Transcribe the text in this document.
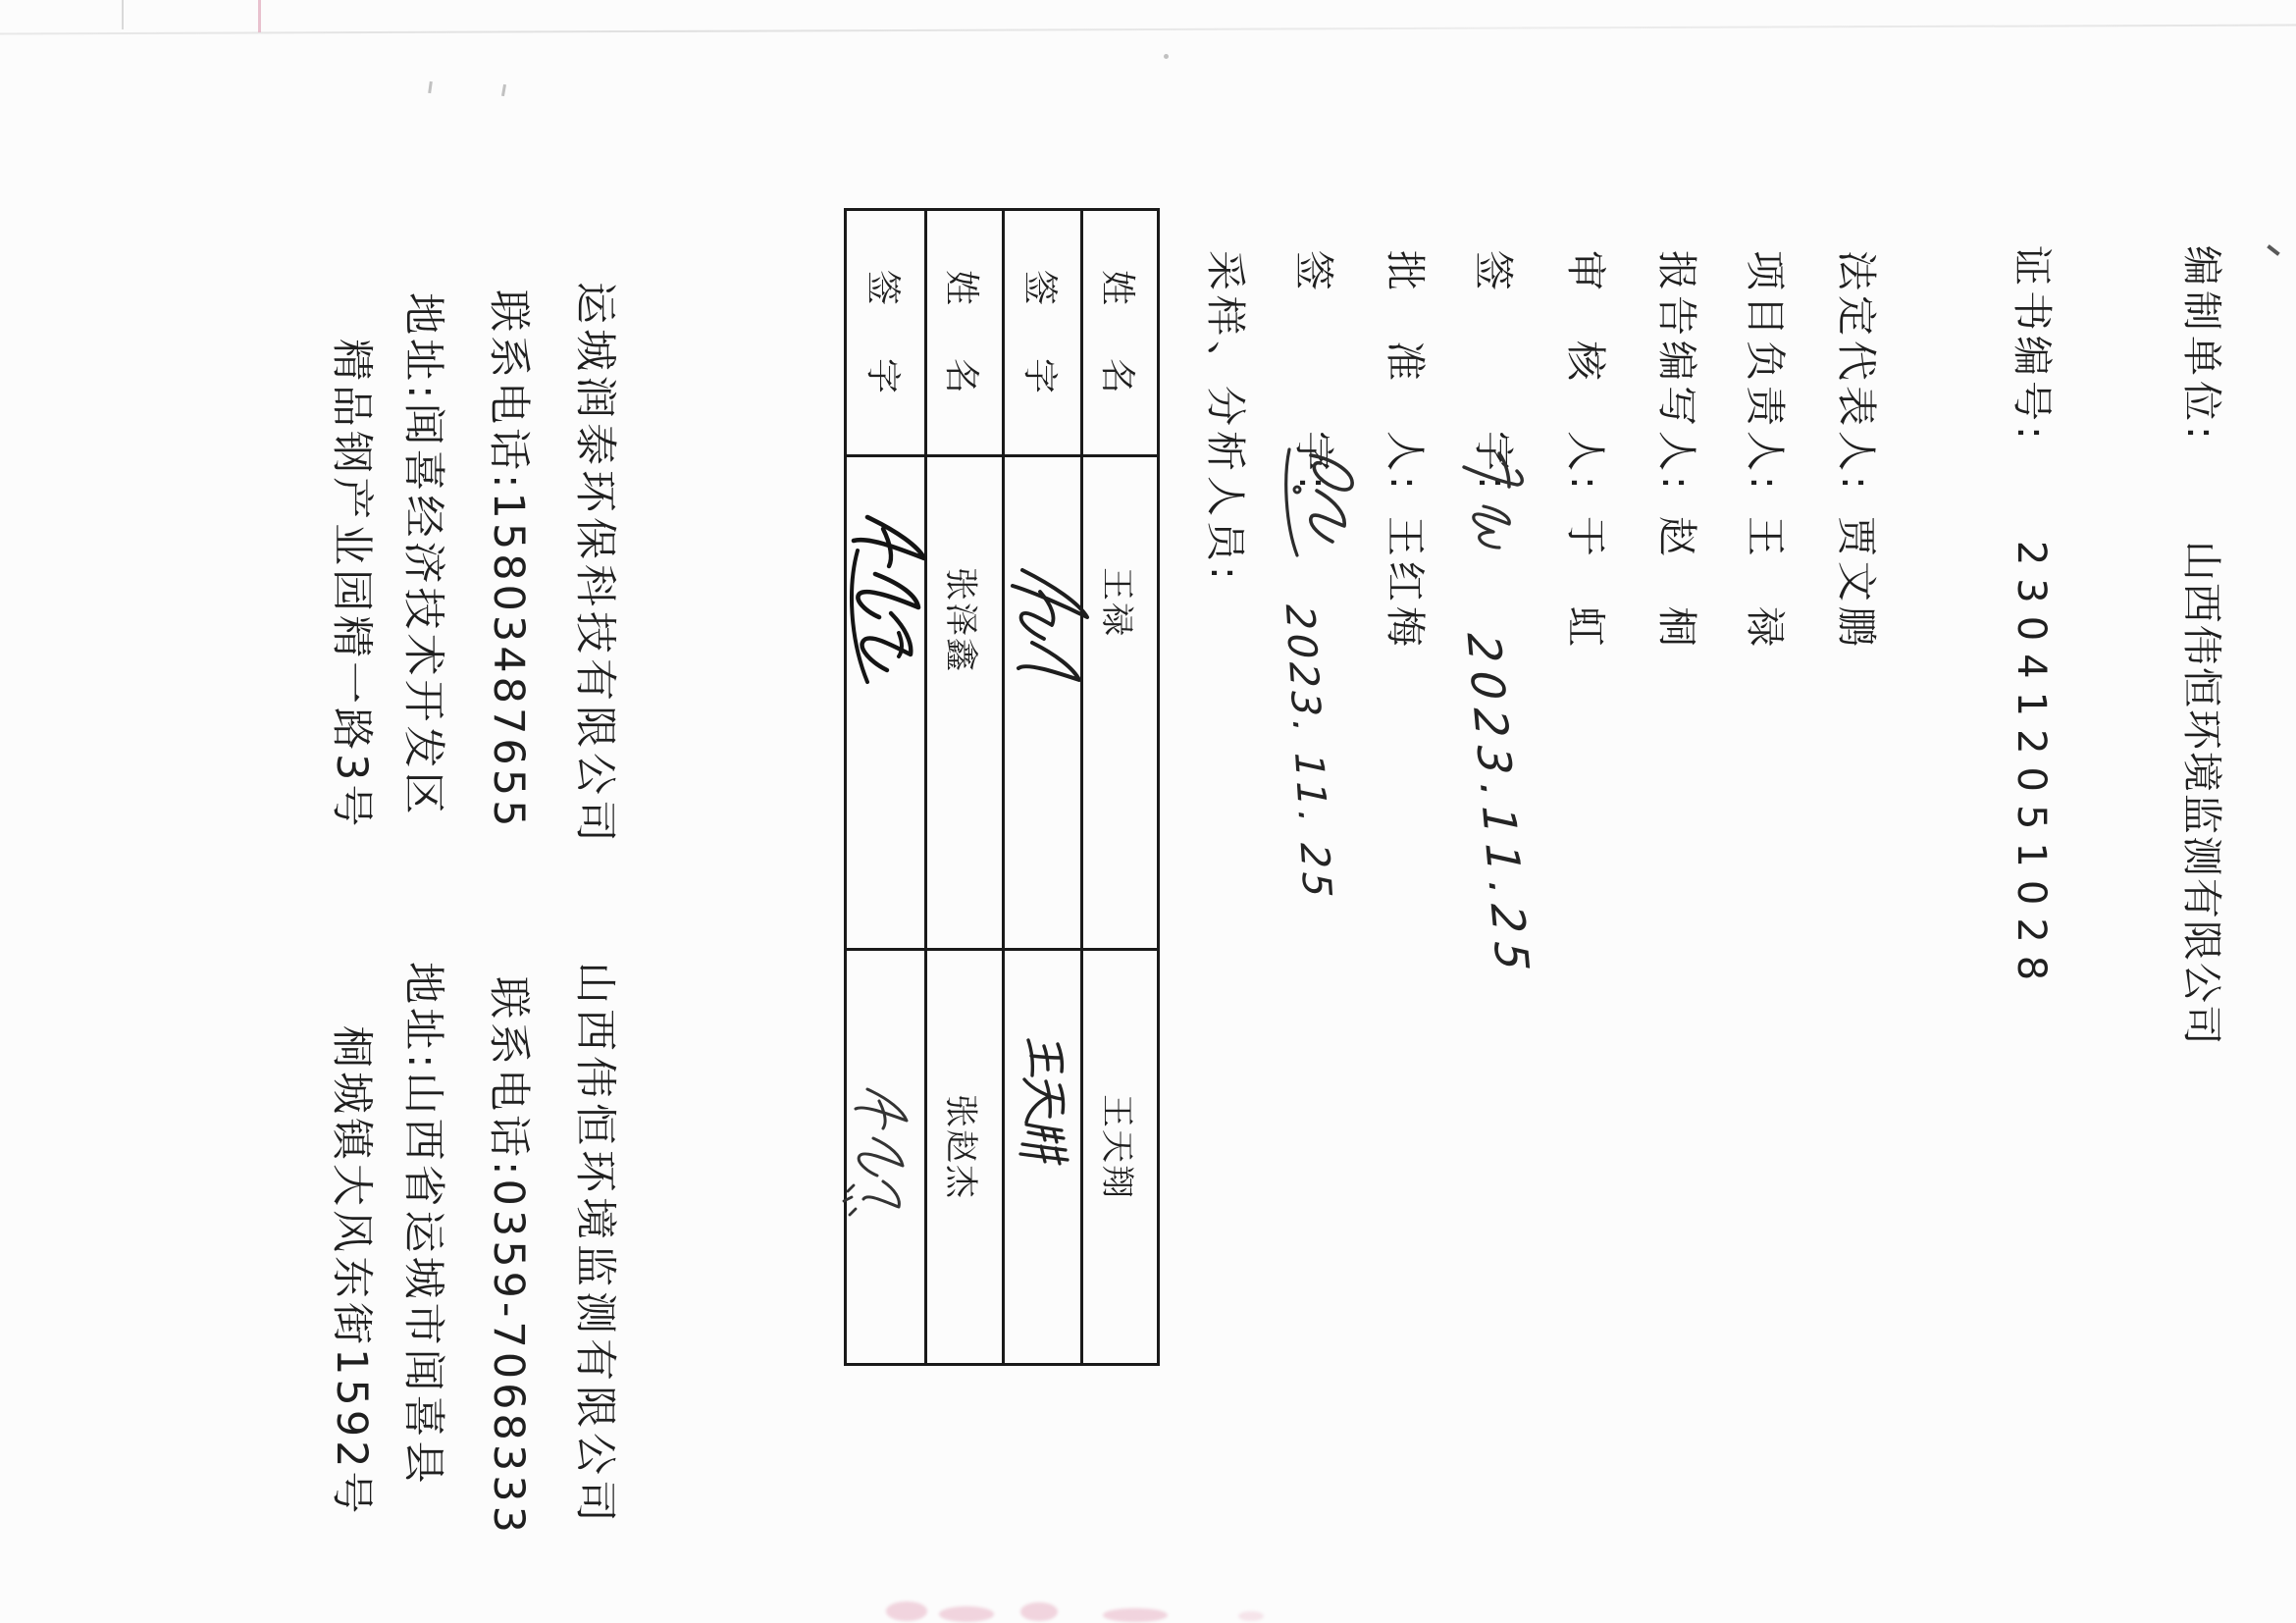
编制单位:山西伟恒环境监测有限公司
证书编号:230412051028
法定代表人:贾文鹏
项目负责人:王　禄
报告编写人:赵　桐
审　核　人:于　虹
签　　　字:
批　准　人:王红梅
签　　　字:
采样、分析人员:
2023.11.25
2023. 11. 25
姓　名
王禄
王天翔
签　字
姓　名
张泽鑫
张赵杰
签　字
运城润泰环保科技有限公司
联系电话:15803487655
地址:闻喜经济技术开发区
精品钢产业园精一路3号
山西伟恒环境监测有限公司
联系电话:0359-7068333
地址:山西省运城市闻喜县
桐城镇大风东街1592号
